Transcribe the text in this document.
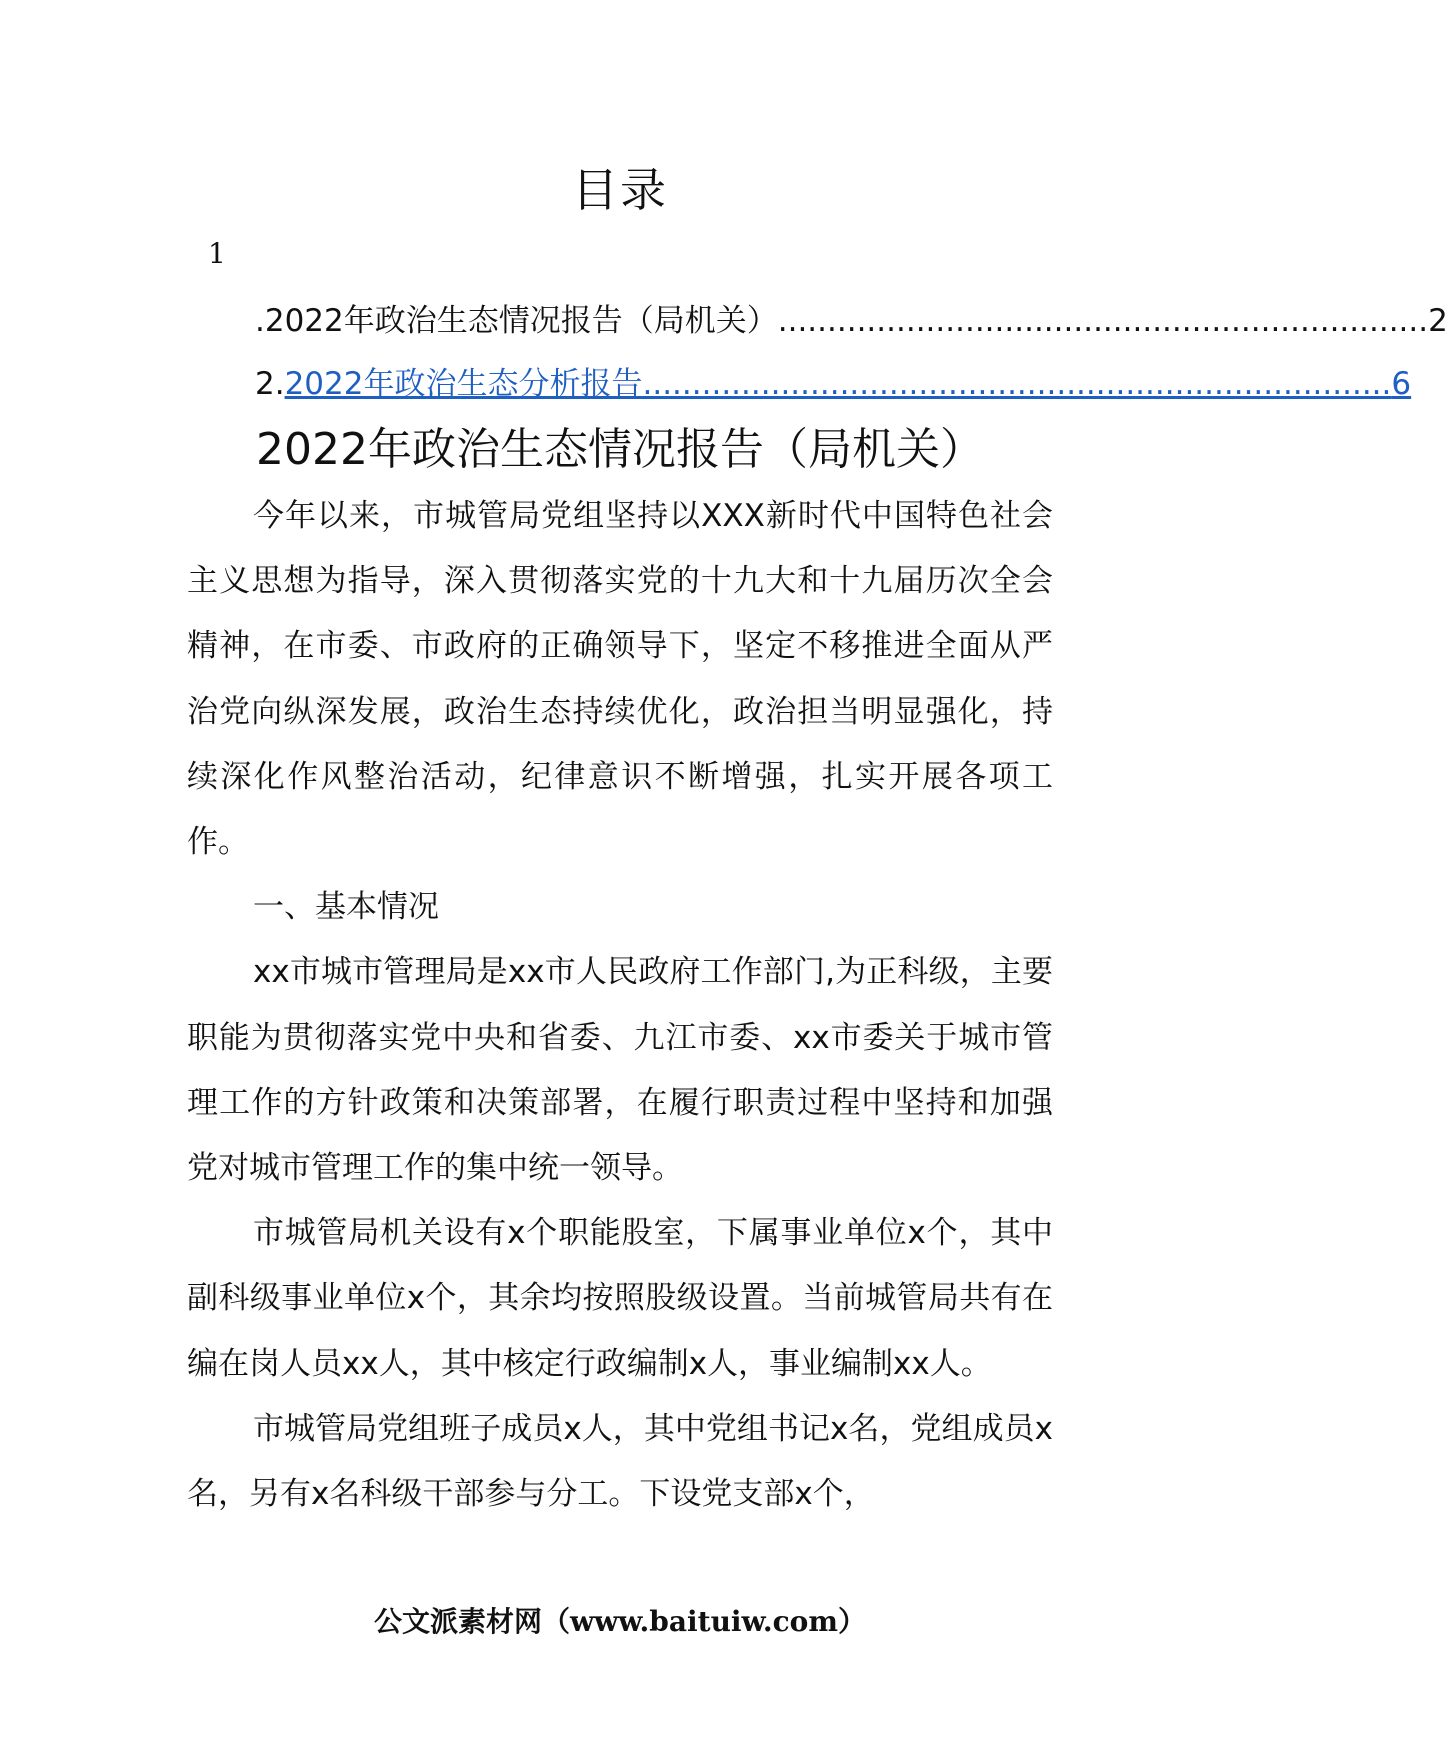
目录
1
.2022年政治生态情况报告（局机关） .................................................................. 2
2. 2022年政治生态分析报告 ............................................................................ 6
2022年政治生态情况报告（局机关）

今年以来，市城管局党组坚持以XXX新时代中国特色社会主义思想为指导，深入贯彻落实党的十九大和十九届历次全会精神，在市委、市政府的正确领导下，坚定不移推进全面从严治党向纵深发展，政治生态持续优化，政治担当明显强化，持续深化作风整治活动，纪律意识不断增强，扎实开展各项工作。

一、基本情况

xx市城市管理局是xx市人民政府工作部门,为正科级，主要职能为贯彻落实党中央和省委、九江市委、xx市委关于城市管理工作的方针政策和决策部署，在履行职责过程中坚持和加强党对城市管理工作的集中统一领导。

市城管局机关设有x个职能股室，下属事业单位x个，其中副科级事业单位x个，其余均按照股级设置。当前城管局共有在编在岗人员xx人，其中核定行政编制x人，事业编制xx人。

市城管局党组班子成员x人，其中党组书记x名，党组成员x名，另有x名科级干部参与分工。下设党支部x个，

公文派素材网（www.baituiw.com）
